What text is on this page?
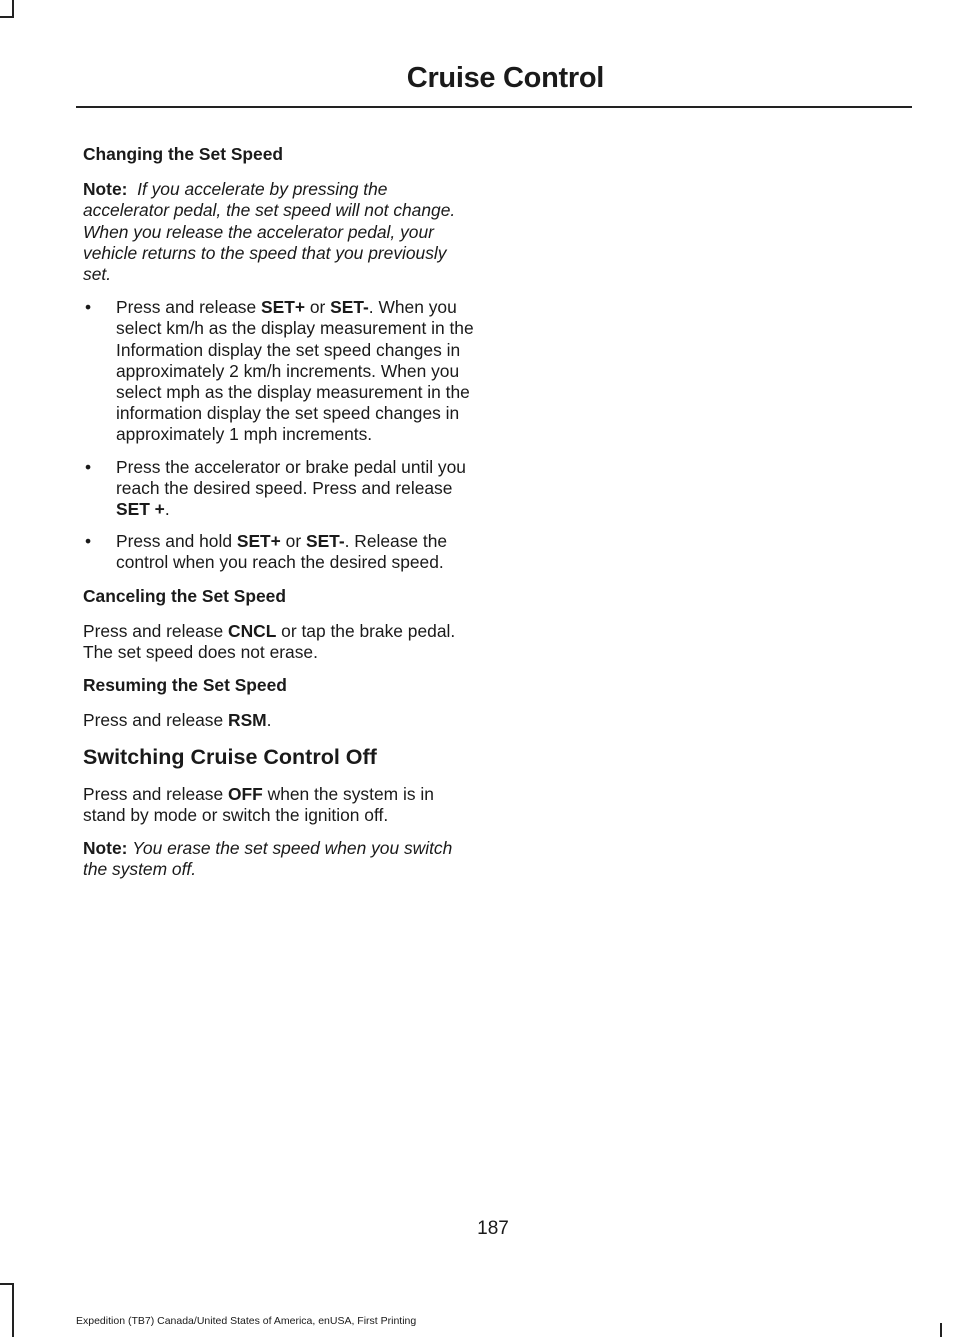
Cruise Control
Changing the Set Speed

Note: If you accelerate by pressing the accelerator pedal, the set speed will not change. When you release the accelerator pedal, your vehicle returns to the speed that you previously set.

• Press and release SET+ or SET-. When you select km/h as the display measurement in the Information display the set speed changes in approximately 2 km/h increments. When you select mph as the display measurement in the information display the set speed changes in approximately 1 mph increments.
• Press the accelerator or brake pedal until you reach the desired speed. Press and release SET +.
• Press and hold SET+ or SET-. Release the control when you reach the desired speed.
Canceling the Set Speed

Press and release CNCL or tap the brake pedal. The set speed does not erase.

Resuming the Set Speed

Press and release RSM.

Switching Cruise Control Off

Press and release OFF when the system is in stand by mode or switch the ignition off.

Note: You erase the set speed when you switch the system off.

187
Expedition (TB7) Canada/United States of America, enUSA, First Printing
